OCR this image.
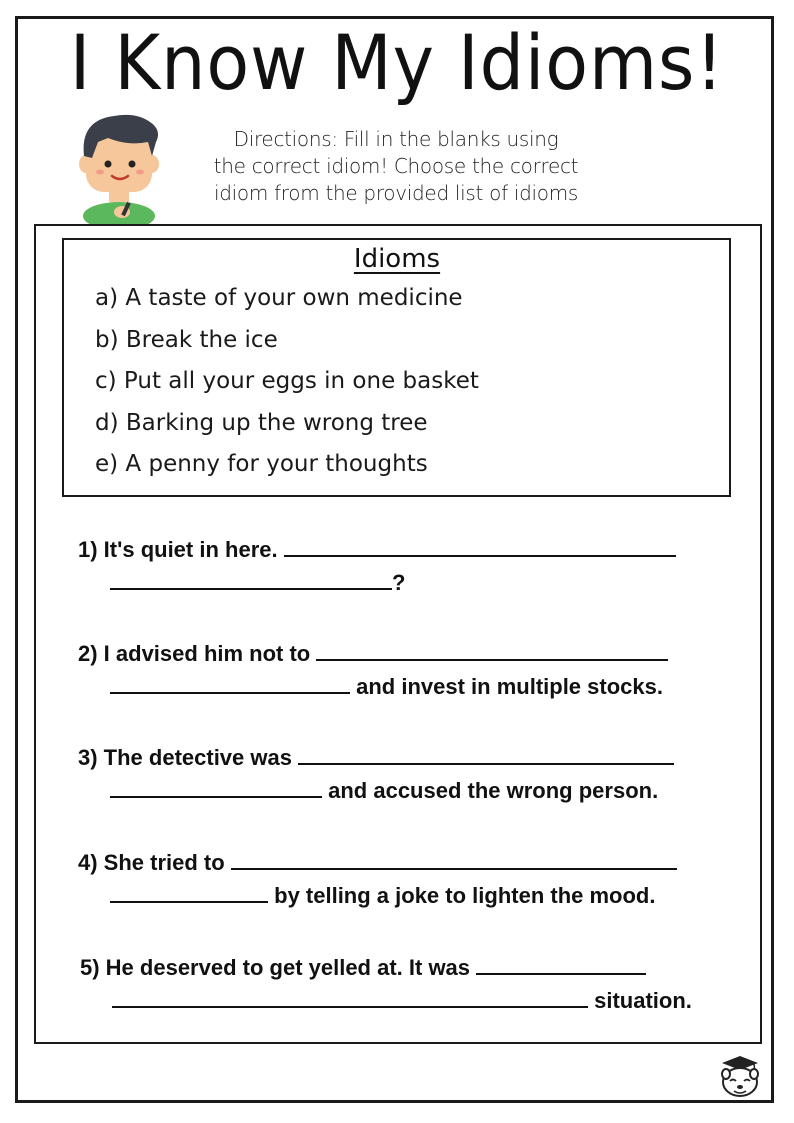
I Know My Idioms!
Directions: Fill in the blanks using
the correct idiom! Choose the correct
idiom from the provided list of idioms
Idioms
a) A taste of your own medicine
b) Break the ice
c) Put all your eggs in one basket
d) Barking up the wrong tree
e) A penny for your thoughts
1) It's quiet in here.
?
2) I advised him not to
and invest in multiple stocks.
3) The detective was
and accused the wrong person.
4) She tried to
by telling a joke to lighten the mood.
5) He deserved to get yelled at. It was
situation.
